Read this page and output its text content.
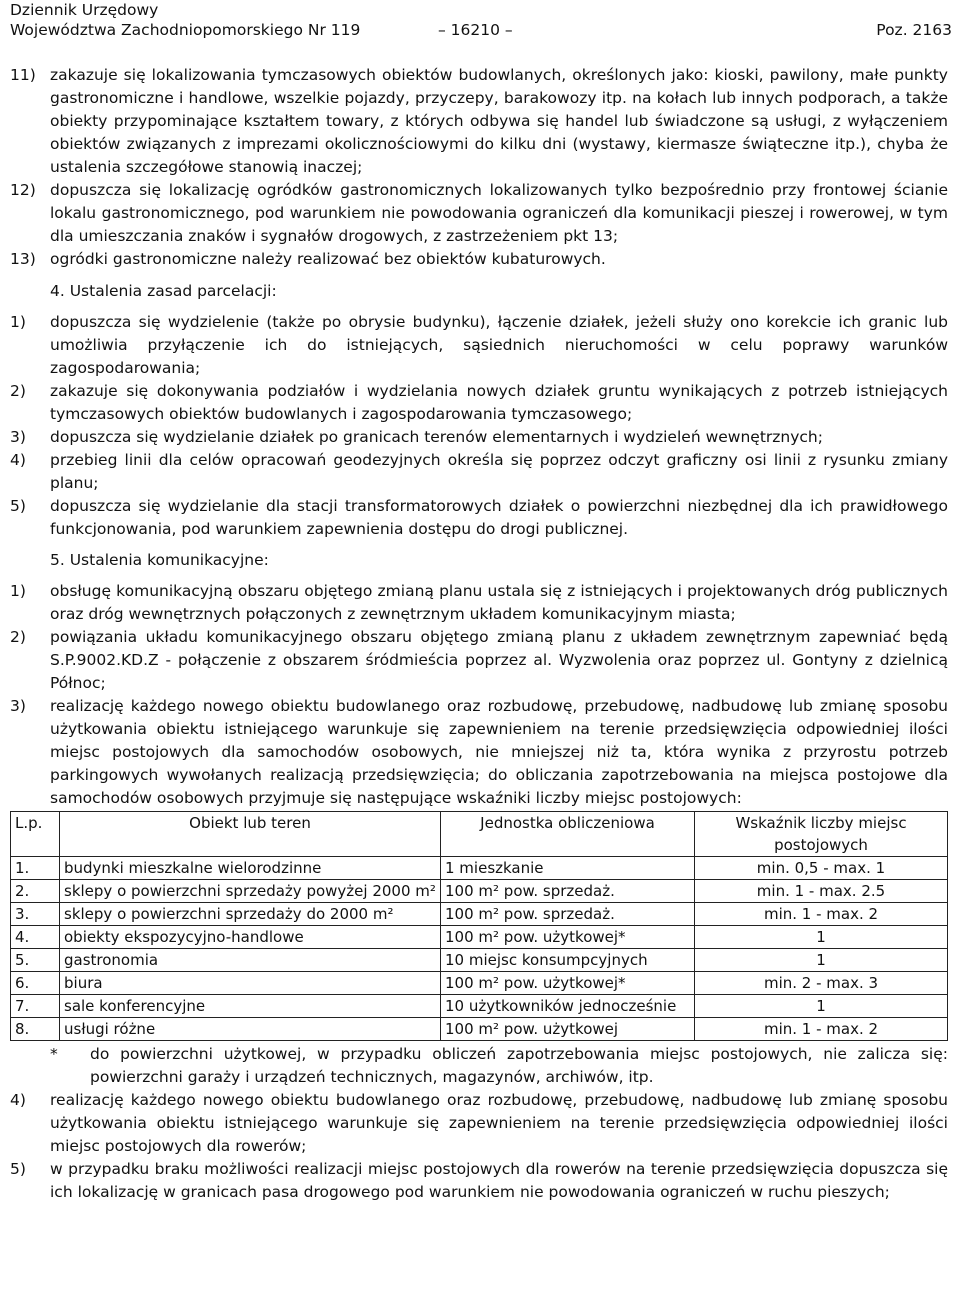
Dziennik Urzędowy
Województwa Zachodniopomorskiego Nr 119	– 16210 –	Poz. 2163
11) zakazuje się lokalizowania tymczasowych obiektów budowlanych, określonych jako: kioski, pawilony, małe punkty gastronomiczne i handlowe, wszelkie pojazdy, przyczepy, barakowozy itp. na kołach lub innych podporach, a także obiekty przypominające kształtem towary, z których odbywa się handel lub świadczone są usługi, z wyłączeniem obiektów związanych z imprezami okolicznościowymi do kilku dni (wystawy, kiermasze świąteczne itp.), chyba że ustalenia szczegółowe stanowią inaczej;
12) dopuszcza się lokalizację ogródków gastronomicznych lokalizowanych tylko bezpośrednio przy frontowej ścianie lokalu gastronomicznego, pod warunkiem nie powodowania ograniczeń dla komunikacji pieszej i rowerowej, w tym dla umieszczania znaków i sygnałów drogowych, z zastrzeżeniem pkt 13;
13) ogródki gastronomiczne należy realizować bez obiektów kubaturowych.
4. Ustalenia zasad parcelacji:
1) dopuszcza się wydzielenie (także po obrysie budynku), łączenie działek, jeżeli służy ono korekcie ich granic lub umożliwia przyłączenie ich do istniejących, sąsiednich nieruchomości w celu poprawy warunków zagospodarowania;
2) zakazuje się dokonywania podziałów i wydzielania nowych działek gruntu wynikających z potrzeb istniejących tymczasowych obiektów budowlanych i zagospodarowania tymczasowego;
3) dopuszcza się wydzielanie działek po granicach terenów elementarnych i wydzieleń wewnętrznych;
4) przebieg linii dla celów opracowań geodezyjnych określa się poprzez odczyt graficzny osi linii z rysunku zmiany planu;
5) dopuszcza się wydzielanie dla stacji transformatorowych działek o powierzchni niezbędnej dla ich prawidłowego funkcjonowania, pod warunkiem zapewnienia dostępu do drogi publicznej.
5. Ustalenia komunikacyjne:
1) obsługę komunikacyjną obszaru objętego zmianą planu ustala się z istniejących i projektowanych dróg publicznych oraz dróg wewnętrznych połączonych z zewnętrznym układem komunikacyjnym miasta;
2) powiązania układu komunikacyjnego obszaru objętego zmianą planu z układem zewnętrznym zapewniać będą S.P.9002.KD.Z - połączenie z obszarem śródmieścia poprzez al. Wyzwolenia oraz poprzez ul. Gontyny z dzielnicą Północ;
3) realizację każdego nowego obiektu budowlanego oraz rozbudowę, przebudowę, nadbudowę lub zmianę sposobu użytkowania obiektu istniejącego warunkuje się zapewnieniem na terenie przedsięwzięcia odpowiedniej ilości miejsc postojowych dla samochodów osobowych, nie mniejszej niż ta, która wynika z przyrostu potrzeb parkingowych wywołanych realizacją przedsięwzięcia; do obliczania zapotrzebowania na miejsca postojowe dla samochodów osobowych przyjmuje się następujące wskaźniki liczby miejsc postojowych:
L.p.	Obiekt lub teren	Jednostka obliczeniowa	Wskaźnik liczby miejsc postojowych
1.	budynki mieszkalne wielorodzinne	1 mieszkanie	min. 0,5 - max. 1
2.	sklepy o powierzchni sprzedaży powyżej 2000 m²	100 m² pow. sprzedaż.	min. 1 - max. 2.5
3.	sklepy o powierzchni sprzedaży do 2000 m²	100 m² pow. sprzedaż.	min. 1 - max. 2
4.	obiekty ekspozycyjno-handlowe	100 m² pow. użytkowej*	1
5.	gastronomia	10 miejsc konsumpcyjnych	1
6.	biura	100 m² pow. użytkowej*	min. 2 - max. 3
7.	sale konferencyjne	10 użytkowników jednocześnie	1
8.	usługi różne	100 m² pow. użytkowej	min. 1 - max. 2
* do powierzchni użytkowej, w przypadku obliczeń zapotrzebowania miejsc postojowych, nie zalicza się: powierzchni garaży i urządzeń technicznych, magazynów, archiwów, itp.
4) realizację każdego nowego obiektu budowlanego oraz rozbudowę, przebudowę, nadbudowę lub zmianę sposobu użytkowania obiektu istniejącego warunkuje się zapewnieniem na terenie przedsięwzięcia odpowiedniej ilości miejsc postojowych dla rowerów;
5) w przypadku braku możliwości realizacji miejsc postojowych dla rowerów na terenie przedsięwzięcia dopuszcza się ich lokalizację w granicach pasa drogowego pod warunkiem nie powodowania ograniczeń w ruchu pieszych;
